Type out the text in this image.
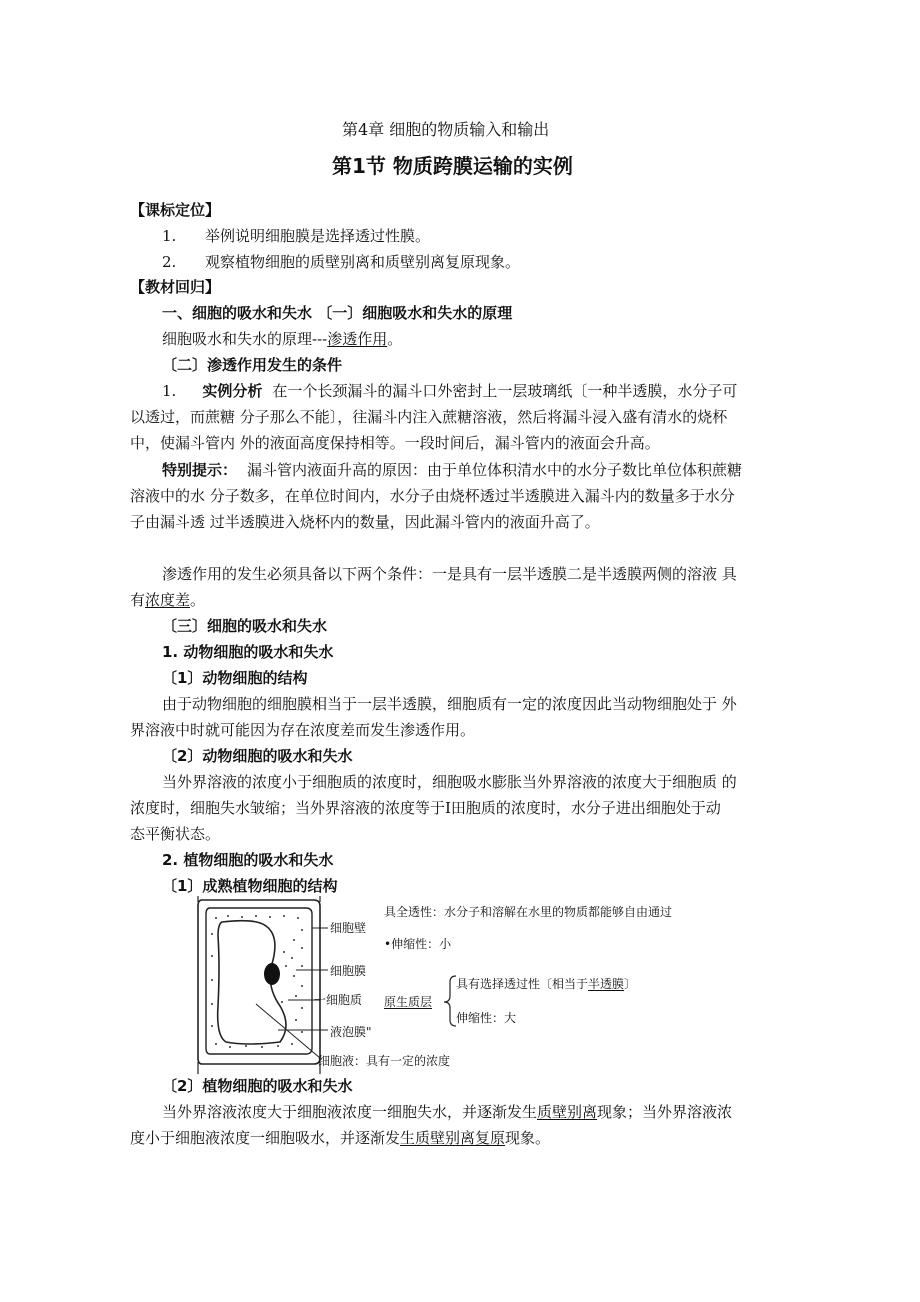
第4章 细胞的物质输入和输出
第1节 物质跨膜运输的实例
【课标定位】
1. 举例说明细胞膜是选择透过性膜。
2. 观察植物细胞的质壁别离和质壁别离复原现象。
【教材回归】
一、细胞的吸水和失水 〔一〕细胞吸水和失水的原理
细胞吸水和失水的原理---渗透作用。
〔二〕渗透作用发生的条件
1. 实例分析 在一个长颈漏斗的漏斗口外密封上一层玻璃纸〔一种半透膜，水分子可
以透过，而蔗糖 分子那么不能〕，往漏斗内注入蔗糖溶液，然后将漏斗浸入盛有清水的烧杯
中，使漏斗管内 外的液面高度保持相等。一段时间后，漏斗管内的液面会升高。
特别提示： 漏斗管内液面升高的原因：由于单位体积清水中的水分子数比单位体积蔗糖
溶液中的水 分子数多，在单位时间内，水分子由烧杯透过半透膜进入漏斗内的数量多于水分
子由漏斗透 过半透膜进入烧杯内的数量，因此漏斗管内的液面升高了。
渗透作用的发生必须具备以下两个条件：一是具有一层半透膜二是半透膜两侧的溶液 具
有浓度差。
〔三〕细胞的吸水和失水
1. 动物细胞的吸水和失水
〔1〕动物细胞的结构
由于动物细胞的细胞膜相当于一层半透膜，细胞质有一定的浓度因此当动物细胞处于 外
界溶液中时就可能因为存在浓度差而发生渗透作用。
〔2〕动物细胞的吸水和失水
当外界溶液的浓度小于细胞质的浓度时，细胞吸水膨胀当外界溶液的浓度大于细胞质 的
浓度时，细胞失水皱缩；当外界溶液的浓度等于I田胞质的浓度时，水分子进出细胞处于动
态平衡状态。
2. 植物细胞的吸水和失水
〔1〕成熟植物细胞的结构
具全透性：水分子和溶解在水里的物质都能够自由通过
细胞壁
•伸缩性：小
细胞膜
具有选择透过性〔相当于半透膜〕
一细胞质 原生质层
伸缩性：大
液泡膜"
细胞液：具有一定的浓度
〔2〕植物细胞的吸水和失水
当外界溶液浓度大于细胞液浓度一细胞失水，并逐渐发生质壁别离现象；当外界溶液浓
度小于细胞液浓度一细胞吸水，并逐渐发生质壁别离复原现象。
